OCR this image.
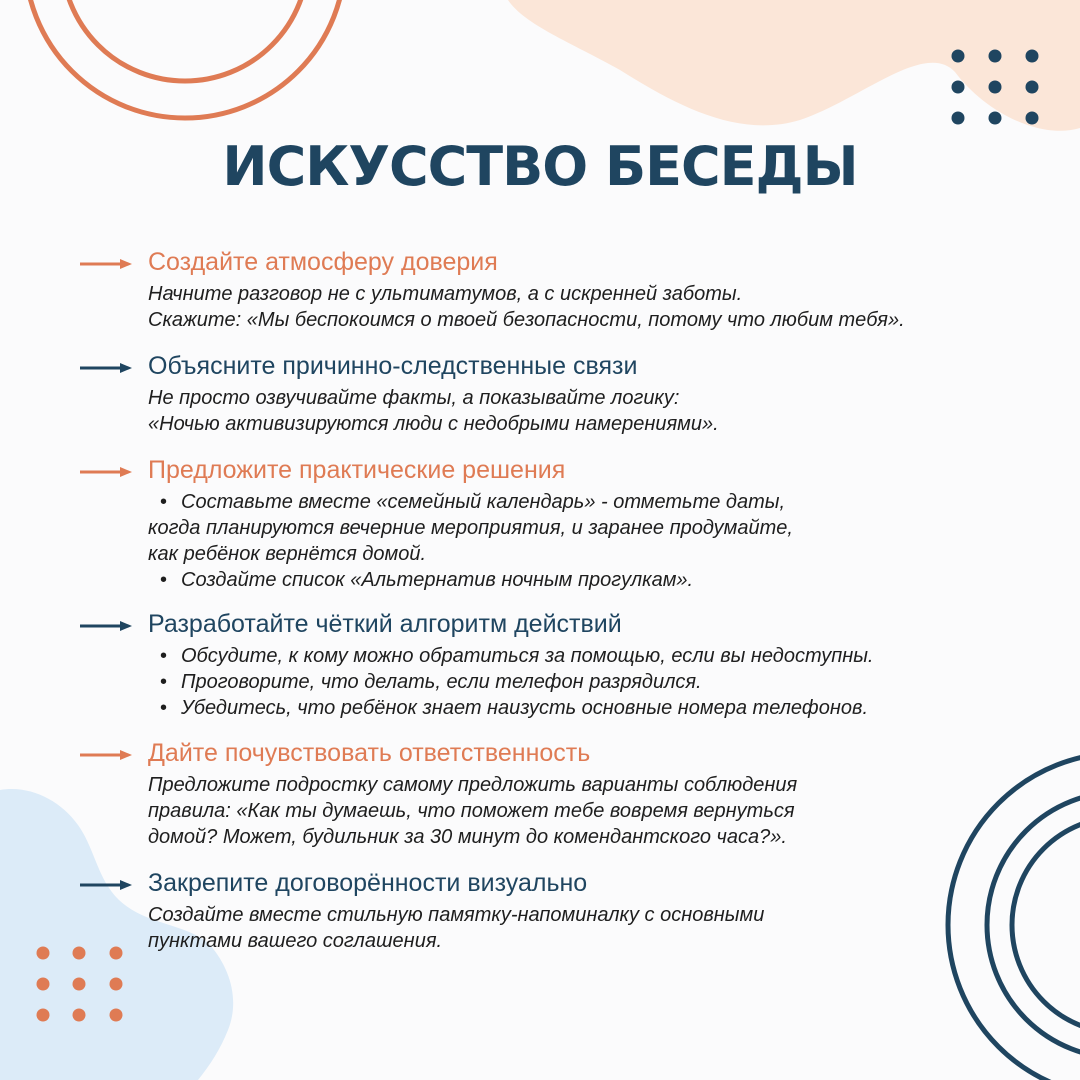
ИСКУССТВО БЕСЕДЫ
Создайте атмосферу доверия
Начните разговор не с ультиматумов, а с искренней заботы.
Скажите: «Мы беспокоимся о твоей безопасности, потому что любим тебя».
Объясните причинно-следственные связи
Не просто озвучивайте факты, а показывайте логику:
«Ночью активизируются люди с недобрыми намерениями».
Предложите практические решения
• Составьте вместе «семейный календарь» - отметьте даты,
когда планируются вечерние мероприятия, и заранее продумайте,
как ребёнок вернётся домой.
• Создайте список «Альтернатив ночным прогулкам».
Разработайте чёткий алгоритм действий
• Обсудите, к кому можно обратиться за помощью, если вы недоступны.
• Проговорите, что делать, если телефон разрядился.
• Убедитесь, что ребёнок знает наизусть основные номера телефонов.
Дайте почувствовать ответственность
Предложите подростку самому предложить варианты соблюдения
правила: «Как ты думаешь, что поможет тебе вовремя вернуться
домой? Может, будильник за 30 минут до комендантского часа?».
Закрепите договорённости визуально
Создайте вместе стильную памятку-напоминалку с основными
пунктами вашего соглашения.
